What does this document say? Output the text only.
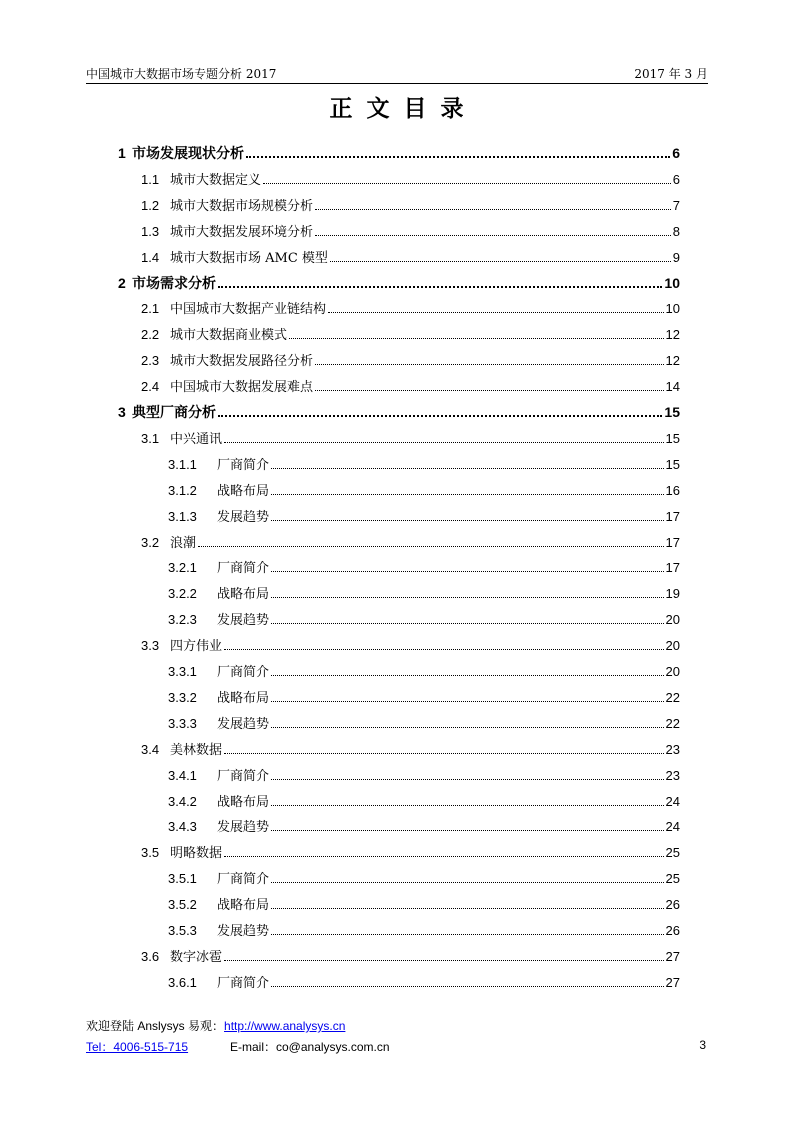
中国城市大数据市场专题分析 2017	2017 年 3 月
正文目录
1 市场发展现状分析	6
1.1 城市大数据定义	6
1.2 城市大数据市场规模分析	7
1.3 城市大数据发展环境分析	8
1.4 城市大数据市场 AMC 模型	9
2 市场需求分析	10
2.1 中国城市大数据产业链结构	10
2.2 城市大数据商业模式	12
2.3 城市大数据发展路径分析	12
2.4 中国城市大数据发展难点	14
3 典型厂商分析	15
3.1 中兴通讯	15
3.1.1	厂商简介	15
3.1.2	战略布局	16
3.1.3	发展趋势	17
3.2 浪潮	17
3.2.1	厂商简介	17
3.2.2	战略布局	19
3.2.3	发展趋势	20
3.3 四方伟业	20
3.3.1	厂商简介	20
3.3.2	战略布局	22
3.3.3	发展趋势	22
3.4 美林数据	23
3.4.1	厂商简介	23
3.4.2	战略布局	24
3.4.3	发展趋势	24
3.5 明略数据	25
3.5.1	厂商简介	25
3.5.2	战略布局	26
3.5.3	发展趋势	26
3.6 数字冰雹	27
3.6.1	厂商简介	27
欢迎登陆 Anslysys 易观：http://www.analysys.cn
Tel：4006-515-715	E-mail：co@analysys.com.cn	3
